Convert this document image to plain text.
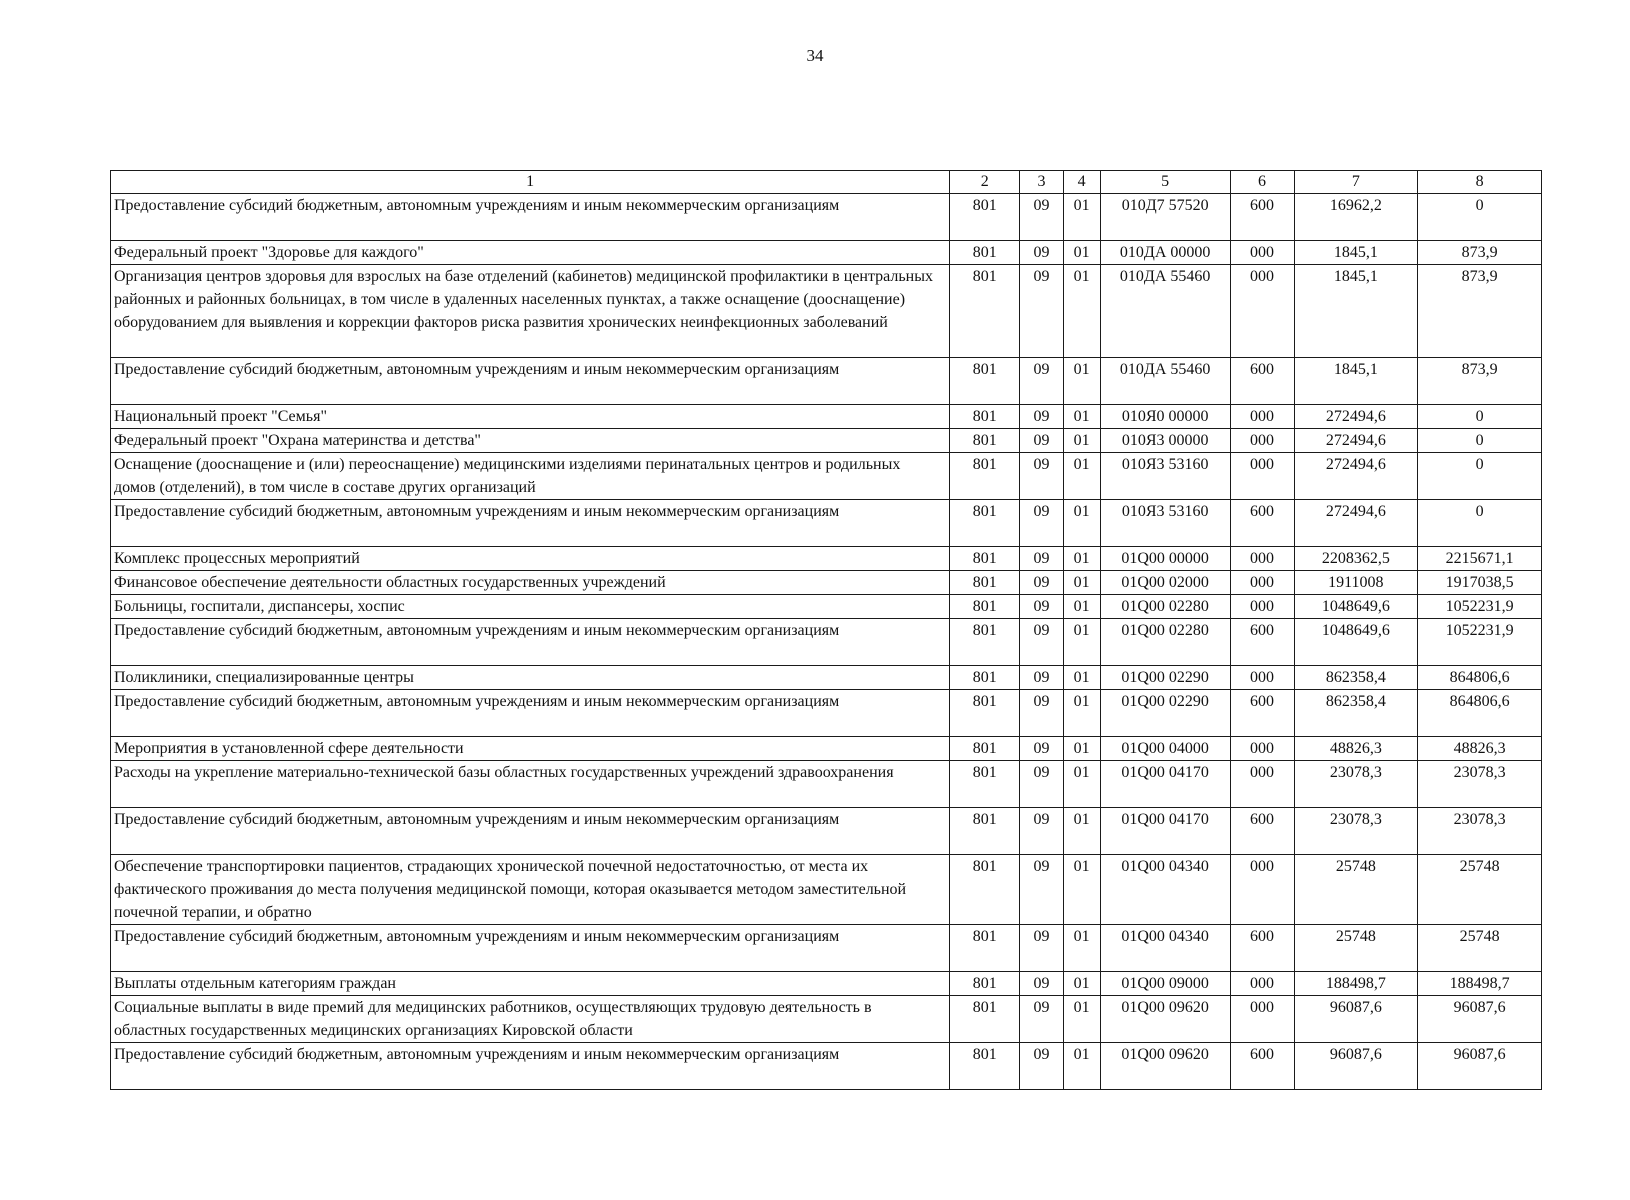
34
1	2	3	4	5	6	7	8
Предоставление субсидий бюджетным, автономным учреждениям и иным некоммерческим организациям	801	09	01	010Д7 57520	600	16962,2	0
Федеральный проект "Здоровье для каждого"	801	09	01	010ДА 00000	000	1845,1	873,9
Организация центров здоровья для взрослых на базе отделений (кабинетов) медицинской профилактики в центральных районных и районных больницах, в том числе в удаленных населенных пунктах, а также оснащение (дооснащение) оборудованием для выявления и коррекции факторов риска развития хронических неинфекционных заболеваний	801	09	01	010ДА 55460	000	1845,1	873,9
Предоставление субсидий бюджетным, автономным учреждениям и иным некоммерческим организациям	801	09	01	010ДА 55460	600	1845,1	873,9
Национальный проект "Семья"	801	09	01	010Я0 00000	000	272494,6	0
Федеральный проект "Охрана материнства и детства"	801	09	01	010Я3 00000	000	272494,6	0
Оснащение (дооснащение и (или) переоснащение) медицинскими изделиями перинатальных центров и родильных домов (отделений), в том числе в составе других организаций	801	09	01	010Я3 53160	000	272494,6	0
Предоставление субсидий бюджетным, автономным учреждениям и иным некоммерческим организациям	801	09	01	010Я3 53160	600	272494,6	0
Комплекс процессных мероприятий	801	09	01	01Q00 00000	000	2208362,5	2215671,1
Финансовое обеспечение деятельности областных государственных учреждений	801	09	01	01Q00 02000	000	1911008	1917038,5
Больницы, госпитали, диспансеры, хоспис	801	09	01	01Q00 02280	000	1048649,6	1052231,9
Предоставление субсидий бюджетным, автономным учреждениям и иным некоммерческим организациям	801	09	01	01Q00 02280	600	1048649,6	1052231,9
Поликлиники, специализированные центры	801	09	01	01Q00 02290	000	862358,4	864806,6
Предоставление субсидий бюджетным, автономным учреждениям и иным некоммерческим организациям	801	09	01	01Q00 02290	600	862358,4	864806,6
Мероприятия в установленной сфере деятельности	801	09	01	01Q00 04000	000	48826,3	48826,3
Расходы на укрепление материально-технической базы областных государственных учреждений здравоохранения	801	09	01	01Q00 04170	000	23078,3	23078,3
Предоставление субсидий бюджетным, автономным учреждениям и иным некоммерческим организациям	801	09	01	01Q00 04170	600	23078,3	23078,3
Обеспечение транспортировки пациентов, страдающих хронической почечной недостаточностью, от места их фактического проживания до места получения медицинской помощи, которая оказывается методом заместительной почечной терапии, и обратно	801	09	01	01Q00 04340	000	25748	25748
Предоставление субсидий бюджетным, автономным учреждениям и иным некоммерческим организациям	801	09	01	01Q00 04340	600	25748	25748
Выплаты отдельным категориям граждан	801	09	01	01Q00 09000	000	188498,7	188498,7
Социальные выплаты в виде премий для медицинских работников, осуществляющих трудовую деятельность в областных государственных медицинских организациях Кировской области	801	09	01	01Q00 09620	000	96087,6	96087,6
Предоставление субсидий бюджетным, автономным учреждениям и иным некоммерческим организациям	801	09	01	01Q00 09620	600	96087,6	96087,6
